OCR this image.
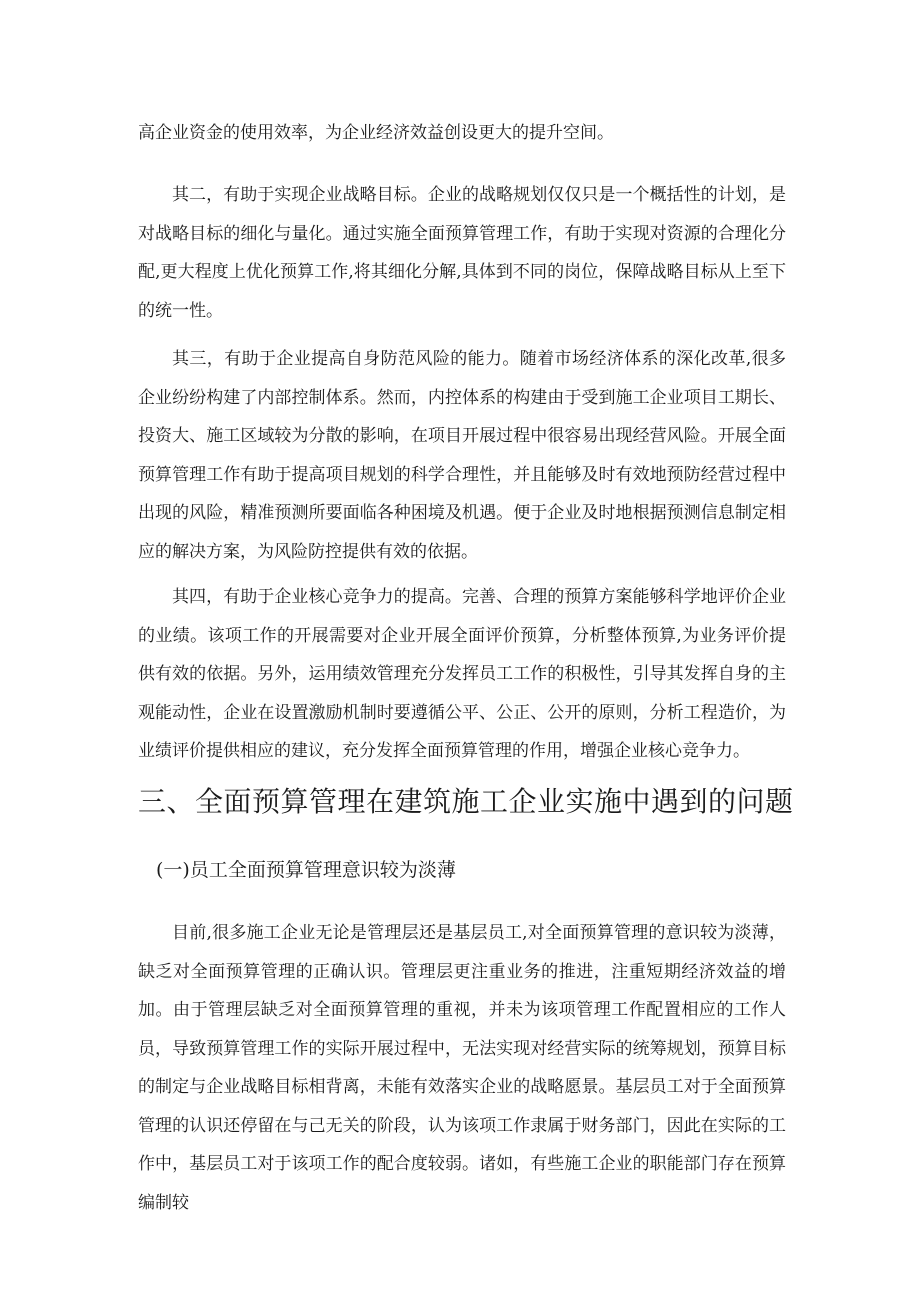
高企业资金的使用效率，为企业经济效益创设更大的提升空间。

其二，有助于实现企业战略目标。企业的战略规划仅仅只是一个概括性的计划，是对战略目标的细化与量化。通过实施全面预算管理工作，有助于实现对资源的合理化分配,更大程度上优化预算工作,将其细化分解,具体到不同的岗位，保障战略目标从上至下的统一性。

其三，有助于企业提高自身防范风险的能力。随着市场经济体系的深化改革,很多企业纷纷构建了内部控制体系。然而，内控体系的构建由于受到施工企业项目工期长、投资大、施工区域较为分散的影响，在项目开展过程中很容易出现经营风险。开展全面预算管理工作有助于提高项目规划的科学合理性，并且能够及时有效地预防经营过程中出现的风险，精准预测所要面临各种困境及机遇。便于企业及时地根据预测信息制定相应的解决方案，为风险防控提供有效的依据。

其四，有助于企业核心竞争力的提高。完善、合理的预算方案能够科学地评价企业的业绩。该项工作的开展需要对企业开展全面评价预算，分析整体预算,为业务评价提供有效的依据。另外，运用绩效管理充分发挥员工工作的积极性，引导其发挥自身的主观能动性，企业在设置激励机制时要遵循公平、公正、公开的原则，分析工程造价，为业绩评价提供相应的建议，充分发挥全面预算管理的作用，增强企业核心竞争力。

三、全面预算管理在建筑施工企业实施中遇到的问题
(一)员工全面预算管理意识较为淡薄

目前,很多施工企业无论是管理层还是基层员工,对全面预算管理的意识较为淡薄，缺乏对全面预算管理的正确认识。管理层更注重业务的推进，注重短期经济效益的增加。由于管理层缺乏对全面预算管理的重视，并未为该项管理工作配置相应的工作人员，导致预算管理工作的实际开展过程中，无法实现对经营实际的统筹规划，预算目标的制定与企业战略目标相背离，未能有效落实企业的战略愿景。基层员工对于全面预算管理的认识还停留在与己无关的阶段，认为该项工作隶属于财务部门，因此在实际的工作中，基层员工对于该项工作的配合度较弱。诸如，有些施工企业的职能部门存在预算编制较
